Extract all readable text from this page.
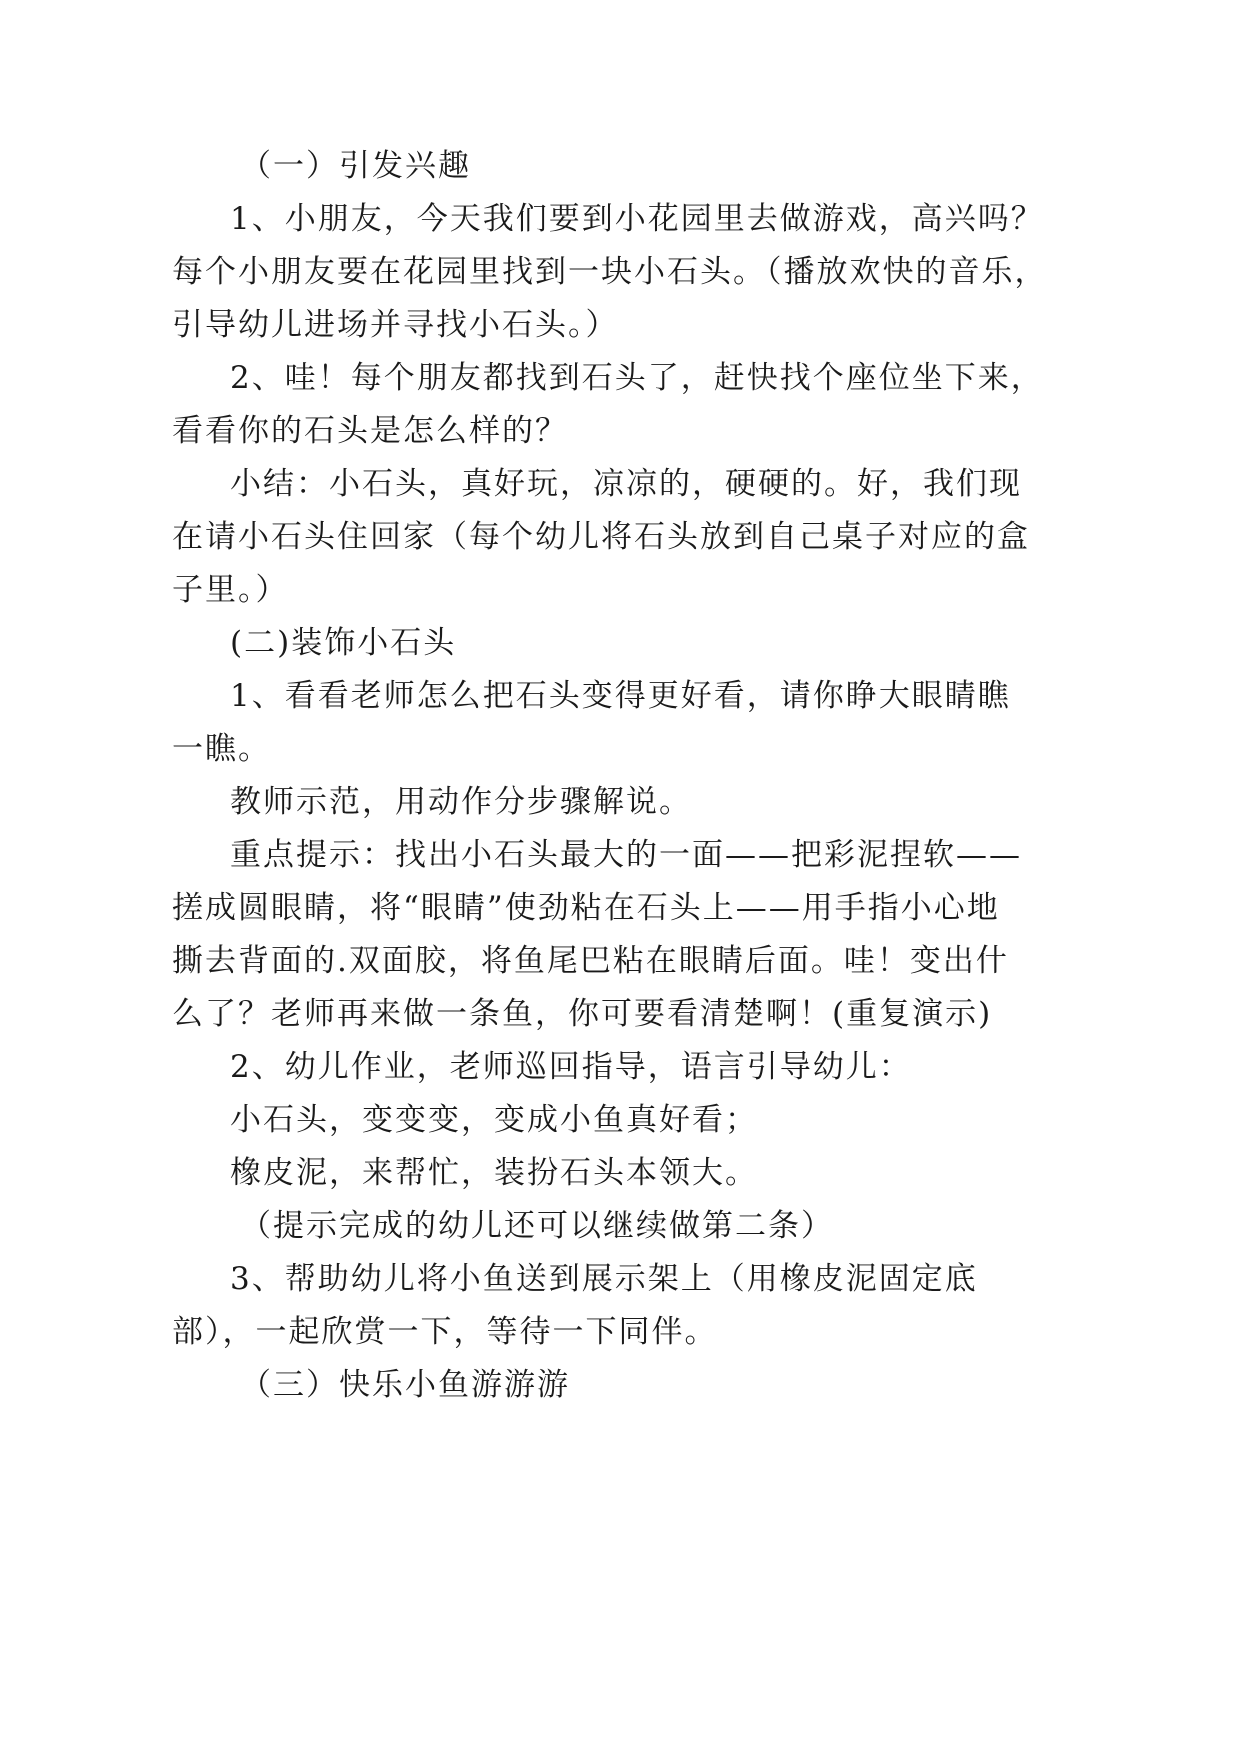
（一）引发兴趣

1、小朋友，今天我们要到小花园里去做游戏，高兴吗？

每个小朋友要在花园里找到一块小石头。（播放欢快的音乐，

引导幼儿进场并寻找小石头。）

2、哇！每个朋友都找到石头了，赶快找个座位坐下来，

看看你的石头是怎么样的？

小结：小石头，真好玩，凉凉的，硬硬的。好，我们现

在请小石头住回家（每个幼儿将石头放到自己桌子对应的盒

子里。）

(二)装饰小石头

1、看看老师怎么把石头变得更好看，请你睁大眼睛瞧

一瞧。

教师示范，用动作分步骤解说。

重点提示：找出小石头最大的一面——把彩泥捏软——

搓成圆眼睛，将“眼睛”使劲粘在石头上——用手指小心地

撕去背面的.双面胶，将鱼尾巴粘在眼睛后面。哇！变出什

么了？老师再来做一条鱼，你可要看清楚啊！(重复演示)

2、幼儿作业，老师巡回指导，语言引导幼儿：

小石头，变变变，变成小鱼真好看；

橡皮泥，来帮忙，装扮石头本领大。

（提示完成的幼儿还可以继续做第二条）

3、帮助幼儿将小鱼送到展示架上（用橡皮泥固定底

部），一起欣赏一下，等待一下同伴。

（三）快乐小鱼游游游
